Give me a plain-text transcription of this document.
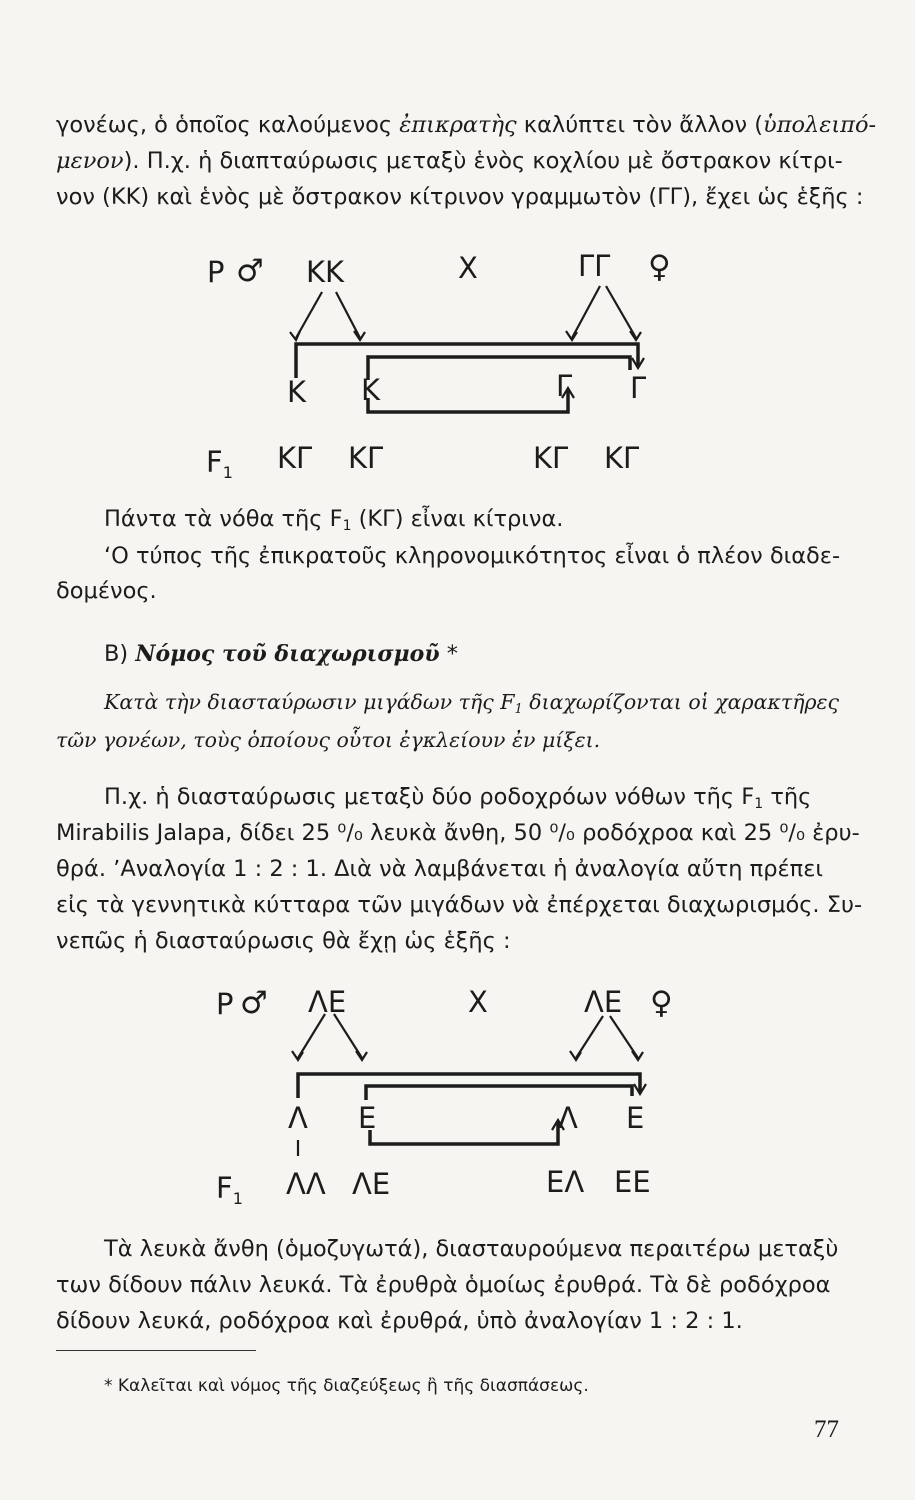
γονέως, ὁ ὁποῖος καλούμενος ἐπικρατὴς καλύπτει τὸν ἄλλον (ὑπολειπό-
μενον). Π.χ. ἡ διαπταύρωσις μεταξὺ ἑνὸς κοχλίου μὲ ὄστρακον κίτρι-
νον (ΚΚ) καὶ ἑνὸς μὲ ὄστρακον κίτρινον γραμμωτὸν (ΓΓ), ἔχει ὡς ἑξῆς :
P ♂ ΚΚ	X	ΓΓ ♀
Κ Κ	Γ Γ
$F_1$ ΚΓ ΚΓ	ΚΓ ΚΓ
Πάντα τὰ νόθα τῆς F1 (ΚΓ) εἶναι κίτρινα.
ʻΟ τύπος τῆς ἐπικρατοῦς κληρονομικότητος εἶναι ὁ πλέον διαδε-
δομένος.
Β) Νόμος τοῦ διαχωρισμοῦ *
Κατὰ τὴν διασταύρωσιν μιγάδων τῆς F1 διαχωρίζονται οἱ χαρακτῆρες
τῶν γονέων, τοὺς ὁποίους οὗτοι ἐγκλείουν ἐν μίξει.
Π.χ. ἡ διασταύρωσις μεταξὺ δύο ροδοχρόων νόθων τῆς F1 τῆς
Mirabilis Jalapa, δίδει 25 ⁰/₀ λευκὰ ἄνθη, 50 ⁰/₀ ροδόχροα καὶ 25 ⁰/₀ ἐρυ-
θρά. ʼΑναλογία 1 : 2 : 1. Διὰ νὰ λαμβάνεται ἡ ἀναλογία αὔτη πρέπει
εἰς τὰ γεννητικὰ κύτταρα τῶν μιγάδων νὰ ἐπέρχεται διαχωρισμός. Συ-
νεπῶς ἡ διασταύρωσις θὰ ἔχῃ ὡς ἑξῆς :
P ♂ ΛΕ	X	ΛΕ ♀
Λ Ε	Λ Ε
$F_1$ ΛΛ ΛΕ	ΕΛ ΕΕ
Τὰ λευκὰ ἄνθη (ὁμοζυγωτά), διασταυρούμενα περαιτέρω μεταξὺ
των δίδουν πάλιν λευκά. Τὰ ἐρυθρὰ ὁμοίως ἐρυθρά. Τὰ δὲ ροδόχροα
δίδουν λευκά, ροδόχροα καὶ ἐρυθρά, ὑπὸ ἀναλογίαν 1 : 2 : 1.
* Καλεῖται καὶ νόμος τῆς διαζεύξεως ἢ τῆς διασπάσεως.
77
